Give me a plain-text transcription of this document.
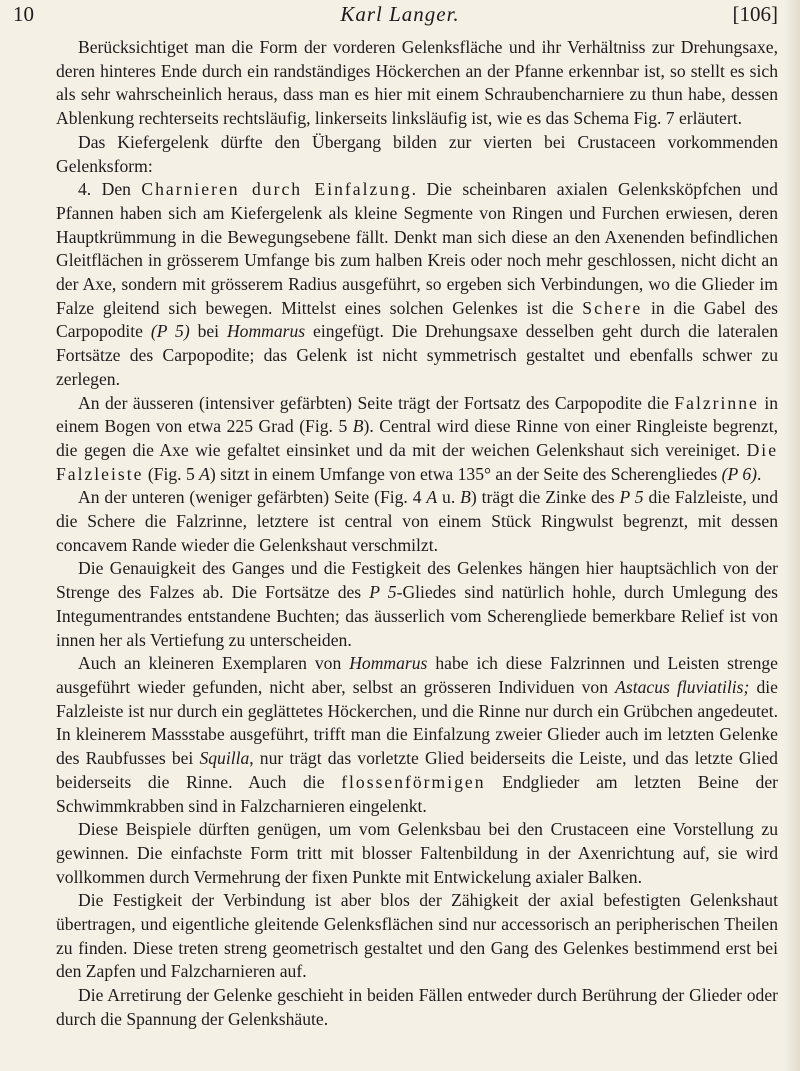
10	Karl Langer.	[106]

Berücksichtiget man die Form der vorderen Gelenksfläche und ihr Verhältniss zur Drehungsaxe, deren hinteres Ende durch ein randständiges Höckerchen an der Pfanne erkennbar ist, so stellt es sich als sehr wahrscheinlich heraus, dass man es hier mit einem Schraubencharniere zu thun habe, dessen Ablenkung rechterseits rechtsläufig, linkerseits linksläufig ist, wie es das Schema Fig. 7 erläutert.

Das Kiefergelenk dürfte den Übergang bilden zur vierten bei Crustaceen vorkommenden Gelenksform:

4. Den Charnieren durch Einfalzung. Die scheinbaren axialen Gelenksköpfchen und Pfannen haben sich am Kiefergelenk als kleine Segmente von Ringen und Furchen erwiesen, deren Hauptkrümmung in die Bewegungsebene fällt. Denkt man sich diese an den Axenenden befindlichen Gleitflächen in grösserem Umfange bis zum halben Kreis oder noch mehr geschlossen, nicht dicht an der Axe, sondern mit grösserem Radius ausgeführt, so ergeben sich Verbindungen, wo die Glieder im Falze gleitend sich bewegen. Mittelst eines solchen Gelenkes ist die Schere in die Gabel des Carpopodite (P 5) bei Hommarus eingefügt. Die Drehungsaxe desselben geht durch die lateralen Fortsätze des Carpopodite; das Gelenk ist nicht symmetrisch gestaltet und ebenfalls schwer zu zerlegen.

An der äusseren (intensiver gefärbten) Seite trägt der Fortsatz des Carpopodite die Falzrinne in einem Bogen von etwa 225 Grad (Fig. 5 B). Central wird diese Rinne von einer Ringleiste begrenzt, die gegen die Axe wie gefaltet einsinket und da mit der weichen Gelenkshaut sich vereiniget. Die Falzleiste (Fig. 5 A) sitzt in einem Umfange von etwa 135° an der Seite des Scherengliedes (P 6).

An der unteren (weniger gefärbten) Seite (Fig. 4 A u. B) trägt die Zinke des P 5 die Falzleiste, und die Schere die Falzrinne, letztere ist central von einem Stück Ringwulst begrenzt, mit dessen concavem Rande wieder die Gelenkshaut verschmilzt.

Die Genauigkeit des Ganges und die Festigkeit des Gelenkes hängen hier hauptsächlich von der Strenge des Falzes ab. Die Fortsätze des P 5-Gliedes sind natürlich hohle, durch Umlegung des Integumentrandes entstandene Buchten; das äusserlich vom Scherengliede bemerkbare Relief ist von innen her als Vertiefung zu unterscheiden.

Auch an kleineren Exemplaren von Hommarus habe ich diese Falzrinnen und Leisten strenge ausgeführt wieder gefunden, nicht aber, selbst an grösseren Individuen von Astacus fluviatilis; die Falzleiste ist nur durch ein geglättetes Höckerchen, und die Rinne nur durch ein Grübchen angedeutet. In kleinerem Massstabe ausgeführt, trifft man die Einfalzung zweier Glieder auch im letzten Gelenke des Raubfusses bei Squilla, nur trägt das vorletzte Glied beiderseits die Leiste, und das letzte Glied beiderseits die Rinne. Auch die flossenförmigen Endglieder am letzten Beine der Schwimmkrabben sind in Falzcharnieren eingelenkt.

Diese Beispiele dürften genügen, um vom Gelenksbau bei den Crustaceen eine Vorstellung zu gewinnen. Die einfachste Form tritt mit blosser Faltenbildung in der Axenrichtung auf, sie wird vollkommen durch Vermehrung der fixen Punkte mit Entwickelung axialer Balken.

Die Festigkeit der Verbindung ist aber blos der Zähigkeit der axial befestigten Gelenkshaut übertragen, und eigentliche gleitende Gelenksflächen sind nur accessorisch an peripherischen Theilen zu finden. Diese treten streng geometrisch gestaltet und den Gang des Gelenkes bestimmend erst bei den Zapfen und Falzcharnieren auf.

Die Arretirung der Gelenke geschieht in beiden Fällen entweder durch Berührung der Glieder oder durch die Spannung der Gelenkshäute.
